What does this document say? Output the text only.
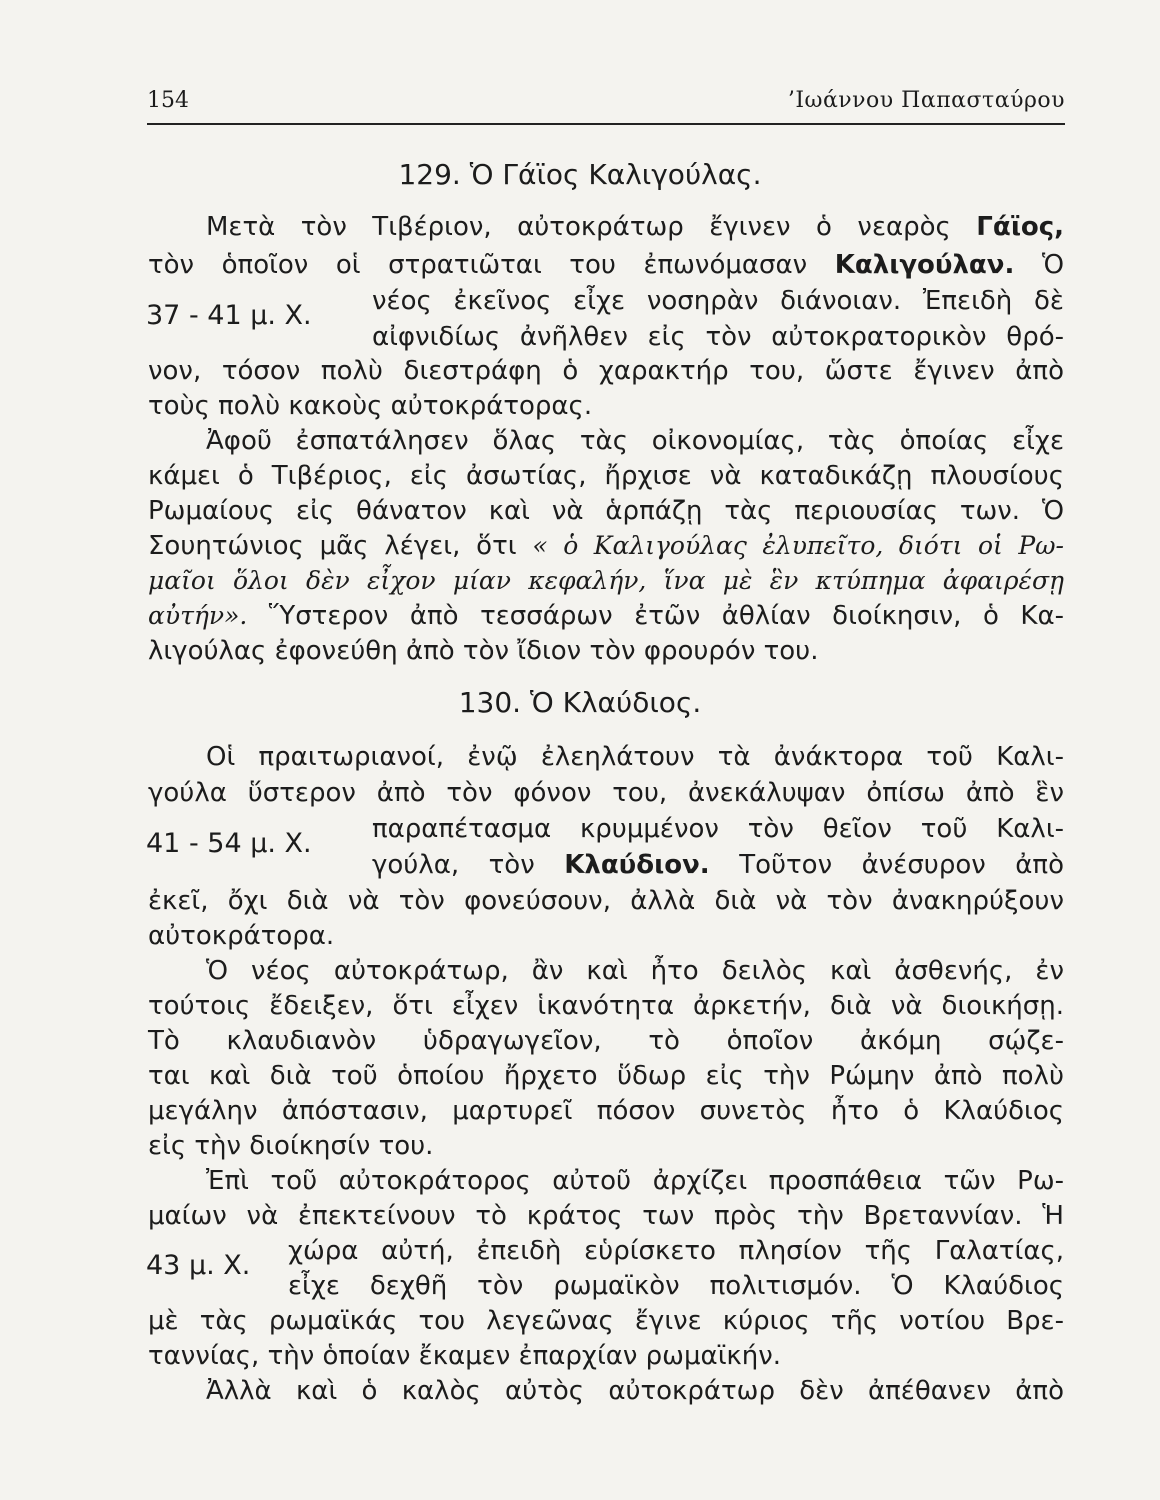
154	’Ιωάννου Παπασταύρου
129. Ὁ Γάϊος Καλιγούλας.
Μετὰ τὸν Τιβέριον, αὐτοκράτωρ ἔγινεν ὁ νεαρὸς Γάϊος,
τὸν ὁποῖον οἱ στρατιῶται του ἐπωνόμασαν Καλιγούλαν. Ὁ
37 - 41 μ. Χ. νέος ἐκεῖνος εἶχε νοσηρὰν διάνοιαν. Ἐπειδὴ δὲ
αἰφνιδίως ἀνῆλθεν εἰς τὸν αὐτοκρατορικὸν θρό-
νον, τόσον πολὺ διεστράφη ὁ χαρακτήρ του, ὥστε ἔγινεν ἀπὸ
τοὺς πολὺ κακοὺς αὐτοκράτορας.
Ἀφοῦ ἐσπατάλησεν ὅλας τὰς οἰκονομίας, τὰς ὁποίας εἶχε
κάμει ὁ Τιβέριος, εἰς ἀσωτίας, ἤρχισε νὰ καταδικάζῃ πλουσίους
Ρωμαίους εἰς θάνατον καὶ νὰ ἁρπάζῃ τὰς περιουσίας των. Ὁ
Σουητώνιος μᾶς λέγει, ὅτι « ὁ Καλιγούλας ἐλυπεῖτο, διότι οἱ Ρω-
μαῖοι ὅλοι δὲν εἶχον μίαν κεφαλήν, ἵνα μὲ ἓν κτύπημα ἀφαιρέσῃ
αὐτήν». Ὕστερον ἀπὸ τεσσάρων ἐτῶν ἀθλίαν διοίκησιν, ὁ Κα-
λιγούλας ἐφονεύθη ἀπὸ τὸν ἴδιον τὸν φρουρόν του.
130. Ὁ Κλαύδιος.
Οἱ πραιτωριανοί, ἐνῷ ἐλεηλάτουν τὰ ἀνάκτορα τοῦ Καλι-
γούλα ὕστερον ἀπὸ τὸν φόνον του, ἀνεκάλυψαν ὀπίσω ἀπὸ ἓν
41 - 54 μ. Χ. παραπέτασμα κρυμμένον τὸν θεῖον τοῦ Καλι-
γούλα, τὸν Κλαύδιον. Τοῦτον ἀνέσυρον ἀπὸ
ἐκεῖ, ὄχι διὰ νὰ τὸν φονεύσουν, ἀλλὰ διὰ νὰ τὸν ἀνακηρύξουν
αὐτοκράτορα.
Ὁ νέος αὐτοκράτωρ, ἂν καὶ ἦτο δειλὸς καὶ ἀσθενής, ἐν
τούτοις ἔδειξεν, ὅτι εἶχεν ἱκανότητα ἀρκετήν, διὰ νὰ διοικήσῃ.
Τὸ κλαυδιανὸν ὑδραγωγεῖον, τὸ ὁποῖον ἀκόμη σῴζε-
ται καὶ διὰ τοῦ ὁποίου ἤρχετο ὕδωρ εἰς τὴν Ρώμην ἀπὸ πολὺ
μεγάλην ἀπόστασιν, μαρτυρεῖ πόσον συνετὸς ἦτο ὁ Κλαύδιος
εἰς τὴν διοίκησίν του.
Ἐπὶ τοῦ αὐτοκράτορος αὐτοῦ ἀρχίζει προσπάθεια τῶν Ρω-
μαίων νὰ ἐπεκτείνουν τὸ κράτος των πρὸς τὴν Βρεταννίαν. Ἡ
43 μ. Χ. χώρα αὐτή, ἐπειδὴ εὑρίσκετο πλησίον τῆς Γαλατίας,
εἶχε δεχθῆ τὸν ρωμαϊκὸν πολιτισμόν. Ὁ Κλαύδιος
μὲ τὰς ρωμαϊκάς του λεγεῶνας ἔγινε κύριος τῆς νοτίου Βρε-
ταννίας, τὴν ὁποίαν ἔκαμεν ἐπαρχίαν ρωμαϊκήν.
Ἀλλὰ καὶ ὁ καλὸς αὐτὸς αὐτοκράτωρ δὲν ἀπέθανεν ἀπὸ
